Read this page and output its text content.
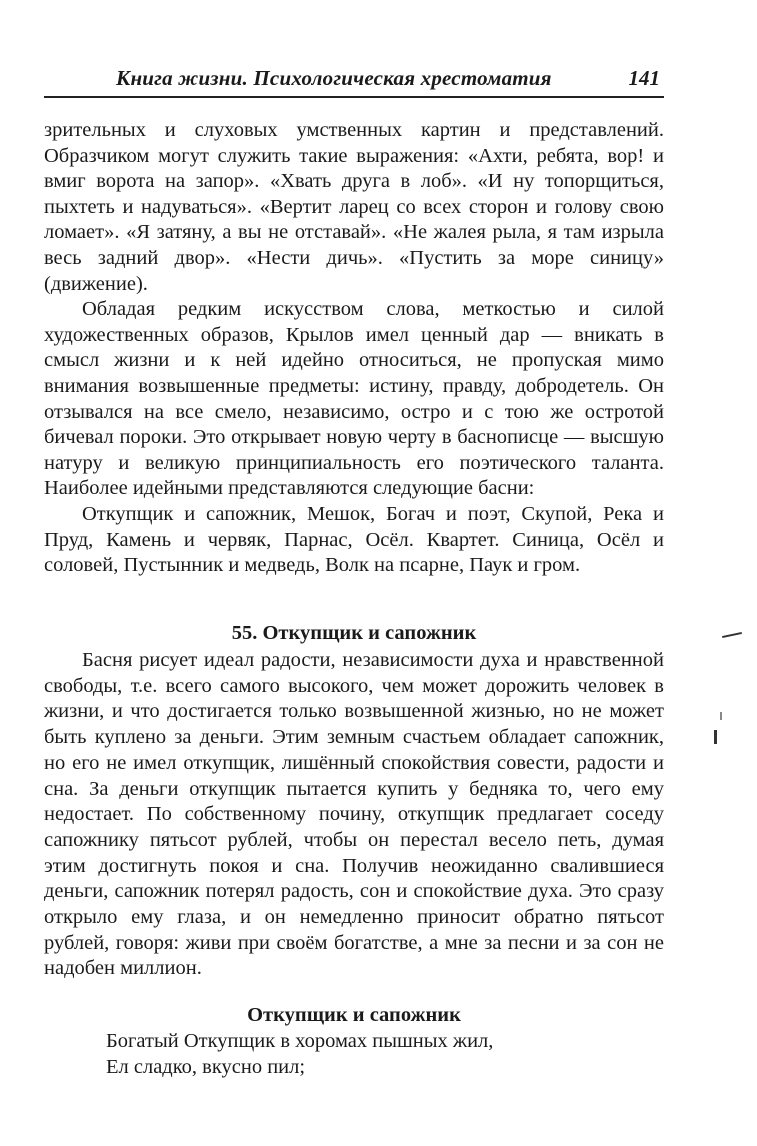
Книга жизни. Психологическая хрестоматия	141

зрительных и слуховых умственных картин и представлений. Образчиком могут служить такие выражения: «Ахти, ребята, вор! и вмиг ворота на запор». «Хвать друга в лоб». «И ну топорщиться, пыхтеть и надуваться». «Вертит ларец со всех сторон и голову свою ломает». «Я затяну, а вы не отставай». «Не жалея рыла, я там изрыла весь задний двор». «Нести дичь». «Пустить за море синицу» (движение).

Обладая редким искусством слова, меткостью и силой художественных образов, Крылов имел ценный дар — вникать в смысл жизни и к ней идейно относиться, не пропуская мимо внимания возвышенные предметы: истину, правду, добродетель. Он отзывался на все смело, независимо, остро и с тою же остротой бичевал пороки. Это открывает новую черту в баснописце — высшую натуру и великую принципиальность его поэтического таланта. Наиболее идейными представляются следующие басни:

Откупщик и сапожник, Мешок, Богач и поэт, Скупой, Река и Пруд, Камень и червяк, Парнас, Осёл. Квартет. Синица, Осёл и соловей, Пустынник и медведь, Волк на псарне, Паук и гром.

55. Откупщик и сапожник

Басня рисует идеал радости, независимости духа и нравственной свободы, т.е. всего самого высокого, чем может дорожить человек в жизни, и что достигается только возвышенной жизнью, но не может быть куплено за деньги. Этим земным счастьем обладает сапожник, но его не имел откупщик, лишённый спокойствия совести, радости и сна. За деньги откупщик пытается купить у бедняка то, чего ему недостает. По собственному почину, откупщик предлагает соседу сапожнику пятьсот рублей, чтобы он перестал весело петь, думая этим достигнуть покоя и сна. Получив неожиданно свалившиеся деньги, сапожник потерял радость, сон и спокойствие духа. Это сразу открыло ему глаза, и он немедленно приносит обратно пятьсот рублей, говоря: живи при своём богатстве, а мне за песни и за сон не надобен миллион.

Откупщик и сапожник
Богатый Откупщик в хоромах пышных жил,
Ел сладко, вкусно пил;
